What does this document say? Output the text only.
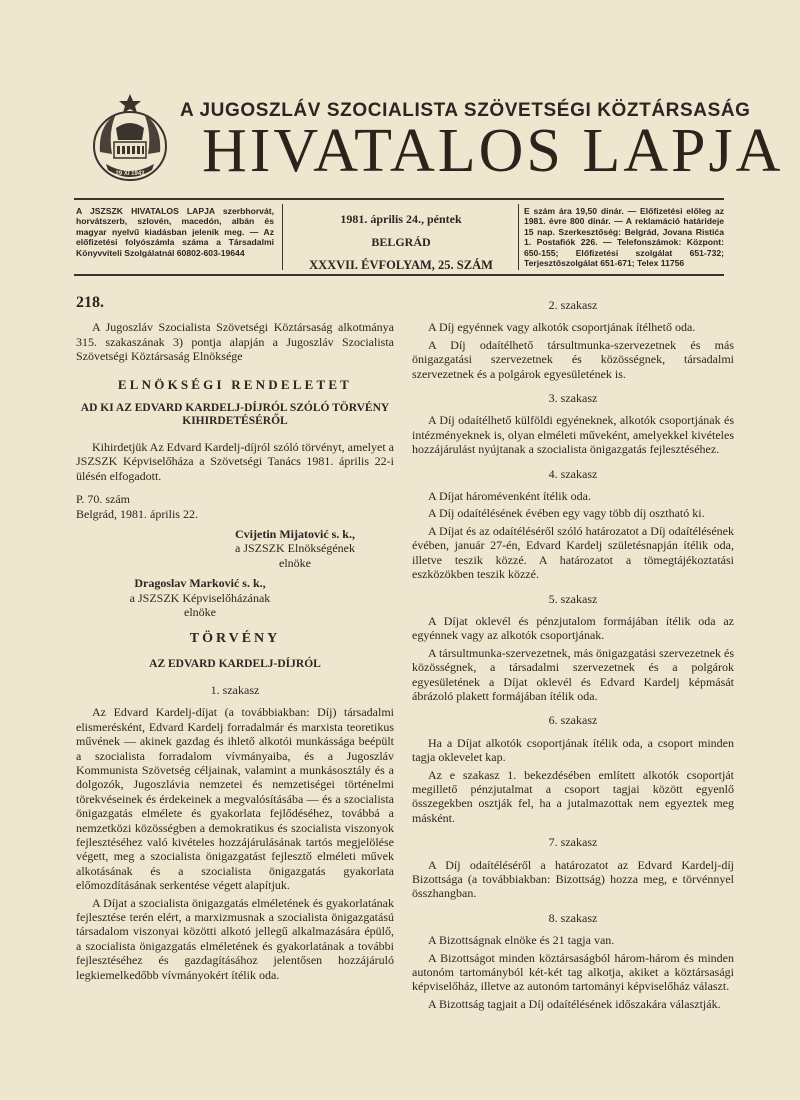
29 XI 1943
A JUGOSZLÁV SZOCIALISTA SZÖVETSÉGI KÖZTÁRSASÁG
HIVATALOS LAPJA
A JSZSZK HIVATALOS LAPJA szerbhorvát, horvátszerb, szlovén, macedón, albán és magyar nyelvű kiadásban jelenik meg. — Az előfizetési folyószámla száma a Társadalmi Könyvviteli Szolgálatnál 60802-603-19644
1981. április 24., péntek
BELGRÁD
XXXVII. ÉVFOLYAM, 25. SZÁM
E szám ára 19,50 dinár. — Előfizetési előleg az 1981. évre 800 dinár. — A reklamáció határideje 15 nap. Szerkesztőség: Belgrád, Jovana Ristića 1. Postafiók 226. — Telefonszámok: Központ: 650-155; Előfizetési szolgálat 651-732; Terjesztőszolgálat 651-671; Telex 11756

218.

A Jugoszláv Szocialista Szövetségi Köztársaság alkotmánya 315. szakaszának 3) pontja alapján a Jugoszláv Szocialista Szövetségi Köztársaság Elnöksége

ELNÖKSÉGI RENDELETET

AD KI AZ EDVARD KARDELJ-DÍJRÓL SZÓLÓ TÖRVÉNY KIHIRDETÉSÉRŐL

Kihirdetjük Az Edvard Kardelj-díjról szóló törvényt, amelyet a JSZSZK Képviselőháza a Szövetségi Tanács 1981. április 22-i ülésén elfogadott.

P. 70. szám

Belgrád, 1981. április 22.

Cvijetin Mijatović s. k.,

a JSZSZK Elnökségének

elnöke

Dragoslav Marković s. k.,

a JSZSZK Képviselőházának

elnöke

TÖRVÉNY

AZ EDVARD KARDELJ-DÍJRÓL

1. szakasz

Az Edvard Kardelj-díjat (a továbbiakban: Díj) társadalmi elismerésként, Edvard Kardelj forradalmár és marxista teoretikus művének — akinek gazdag és ihlető alkotói munkássága beépült a szocialista forradalom vívmányaiba, és a Jugoszláv Kommunista Szövetség céljainak, valamint a munkásosztály és a dolgozók, Jugoszlávia nemzetei és nemzetiségei történelmi törekvéseinek és érdekeinek a megvalósításába — és a szocialista önigazgatás elmélete és gyakorlata fejlődéséhez, továbbá a nemzetközi közösségben a demokratikus és szocialista viszonyok fejlesztéséhez való kivételes hozzájárulásának tartós megjelölése végett, meg a szocialista önigazgatást fejlesztő elméleti művek alkotásának és a szocialista önigazgatás gyakorlata előmozdításának serkentése végett alapítjuk.

A Díjat a szocialista önigazgatás elméletének és gyakorlatának fejlesztése terén elért, a marxizmusnak a szocialista önigazgatású társadalom viszonyai közötti alkotó jellegű alkalmazására épülő, a szocialista önigazgatás elméletének és gyakorlatának a további fejlesztéséhez és gazdagításához jelentősen hozzájáruló legkiemelkedőbb vívmányokért ítélik oda.

2. szakasz

A Díj egyénnek vagy alkotók csoportjának ítélhető oda.

A Díj odaítélhető társultmunka-szervezetnek és más önigazgatási szervezetnek és közösségnek, társadalmi szervezetnek és a polgárok egyesületének is.

3. szakasz

A Díj odaítélhető külföldi egyéneknek, alkotók csoportjának és intézményeknek is, olyan elméleti műveként, amelyekkel kivételes hozzájárulást nyújtanak a szocialista önigazgatás fejlesztéséhez.

4. szakasz

A Díjat háromévenként ítélik oda.

A Díj odaítélésének évében egy vagy több díj osztható ki.

A Díjat és az odaítéléséről szóló határozatot a Díj odaítélésének évében, január 27-én, Edvard Kardelj születésnapján ítélik oda, illetve teszik közzé. A határozatot a tömegtájékoztatási eszközökben teszik közzé.

5. szakasz

A Díjat oklevél és pénzjutalom formájában ítélik oda az egyénnek vagy az alkotók csoportjának.

A társultmunka-szervezetnek, más önigazgatási szervezetnek és közösségnek, a társadalmi szervezetnek és a polgárok egyesületének a Díjat oklevél és Edvard Kardelj képmását ábrázoló plakett formájában ítélik oda.

6. szakasz

Ha a Díjat alkotók csoportjának ítélik oda, a csoport minden tagja oklevelet kap.

Az e szakasz 1. bekezdésében említett alkotók csoportját megillető pénzjutalmat a csoport tagjai között egyenlő összegekben osztják fel, ha a jutalmazottak nem egyeztek meg másként.

7. szakasz

A Díj odaítéléséről a határozatot az Edvard Kardelj-díj Bizottsága (a továbbiakban: Bizottság) hozza meg, e törvénnyel összhangban.

8. szakasz

A Bizottságnak elnöke és 21 tagja van.

A Bizottságot minden köztársaságból három-három és minden autonóm tartományból két-két tag alkotja, akiket a köztársasági képviselőház, illetve az autonóm tartományi képviselőház választ.

A Bizottság tagjait a Díj odaítélésének időszakára választják.
